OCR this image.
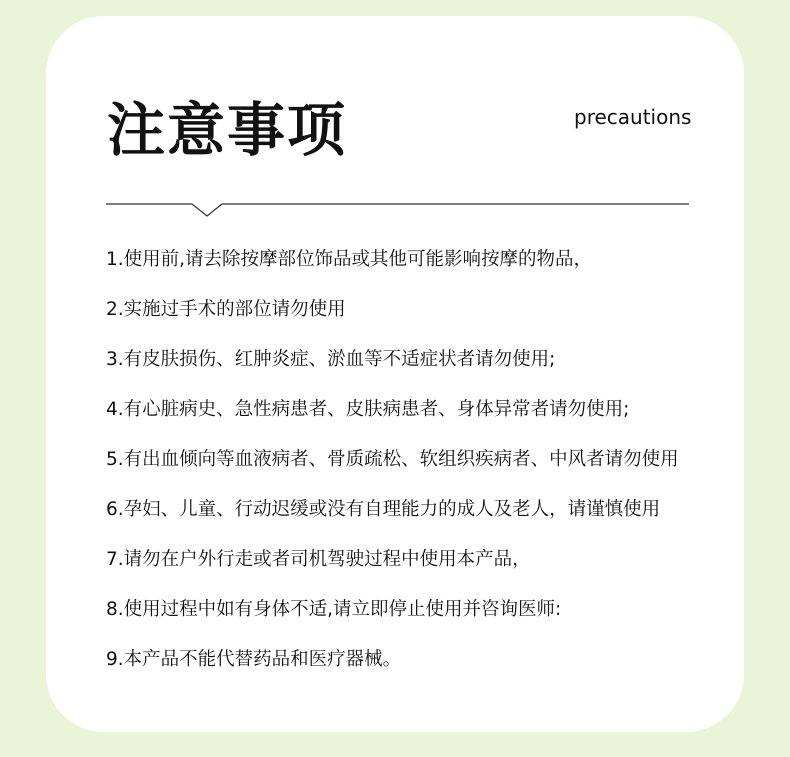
注意事项	precautions
1.使用前,请去除按摩部位饰品或其他可能影响按摩的物品，
2.实施过手术的部位请勿使用
3.有皮肤损伤、红肿炎症、淤血等不适症状者请勿使用;
4.有心脏病史、急性病患者、皮肤病患者、身体异常者请勿使用;
5.有出血倾向等血液病者、骨质疏松、软组织疾病者、中风者请勿使用
6.孕妇、儿童、行动迟缓或没有自理能力的成人及老人，请谨慎使用
7.请勿在户外行走或者司机驾驶过程中使用本产品，
8.使用过程中如有身体不适,请立即停止使用并咨询医师:
9.本产品不能代替药品和医疗器械。
